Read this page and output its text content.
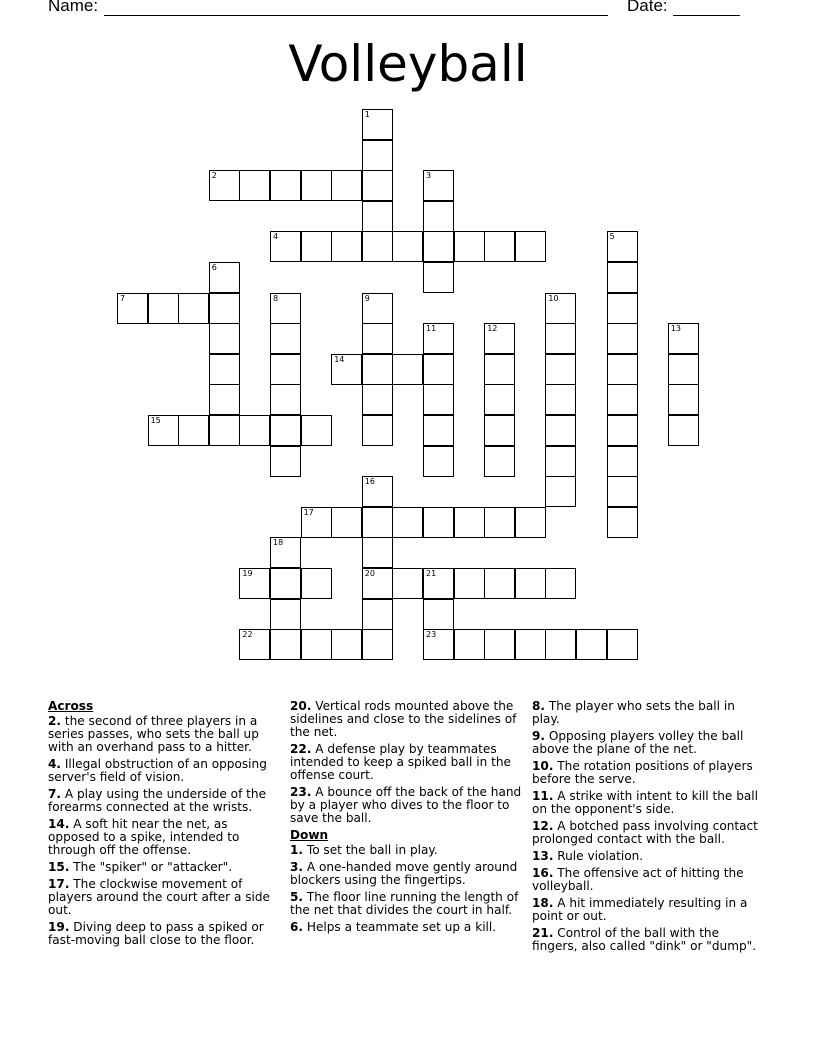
Name:	Date:
Volleyball
1
2	3
4	5
6
7	8	9	10
11	12	13
14
15
16
20
17
18
19	21
23
22
Across
2. the second of three players in a series passes, who sets the ball up with an overhand pass to a hitter.
4. Illegal obstruction of an opposing server's field of vision.
7. A play using the underside of the forearms connected at the wrists.
14. A soft hit near the net, as opposed to a spike, intended to through off the offense.
15. The "spiker" or "attacker".
17. The clockwise movement of players around the court after a side out.
19. Diving deep to pass a spiked or fast-moving ball close to the floor.
20. Vertical rods mounted above the sidelines and close to the sidelines of the net.
22. A defense play by teammates intended to keep a spiked ball in the offense court.
23. A bounce off the back of the hand by a player who dives to the floor to save the ball.
Down
1. To set the ball in play.
3. A one-handed move gently around blockers using the fingertips.
5. The floor line running the length of the net that divides the court in half.
6. Helps a teammate set up a kill.
8. The player who sets the ball in play.
9. Opposing players volley the ball above the plane of the net.
10. The rotation positions of players before the serve.
11. A strike with intent to kill the ball on the opponent's side.
12. A botched pass involving contact prolonged contact with the ball.
13. Rule violation.
16. The offensive act of hitting the volleyball.
18. A hit immediately resulting in a point or out.
21. Control of the ball with the fingers, also called "dink" or "dump".
